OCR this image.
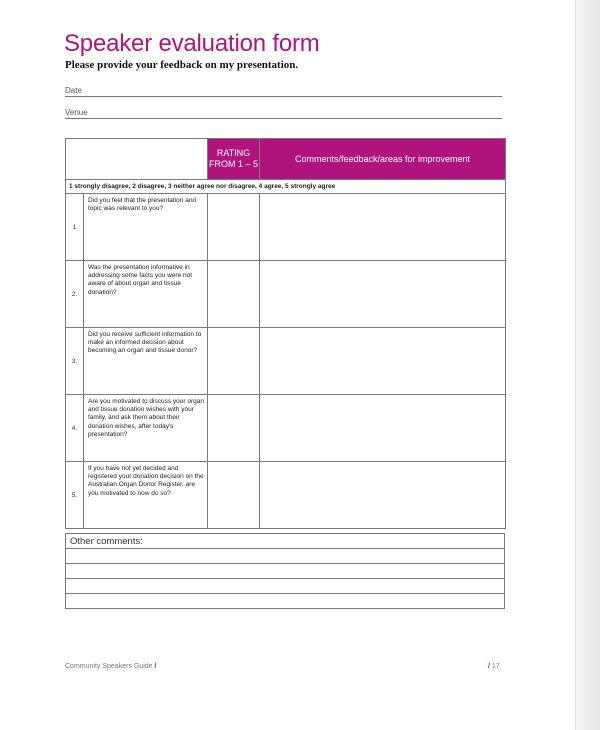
Speaker evaluation form
Please provide your feedback on my presentation.
Date
Venue
		RATING FROM 1 – 5	Comments/feedback/areas for improvement
1 strongly disagree, 2 disagree, 3 neither agree nor disagree, 4 agree, 5 strongly agree			
1	Did you feel that the presentation and topic was relevant to you?		

2.	Was the presentation informative in addressing some facts you were not aware of about organ and tissue donation?		

3.	Did you receive sufficient information to make an informed decision about becoming an organ and tissue donor?		

4.	Are you motivated to discuss your organ and tissue donation wishes with your family, and ask them about their donation wishes, after today's presentation?		

5.	If you have not yet decided and registered your donation decision on the Australian Organ Donor Register, are you motivated to now do so?		

Other comments:

Community Speakers Guide /	/ 17
